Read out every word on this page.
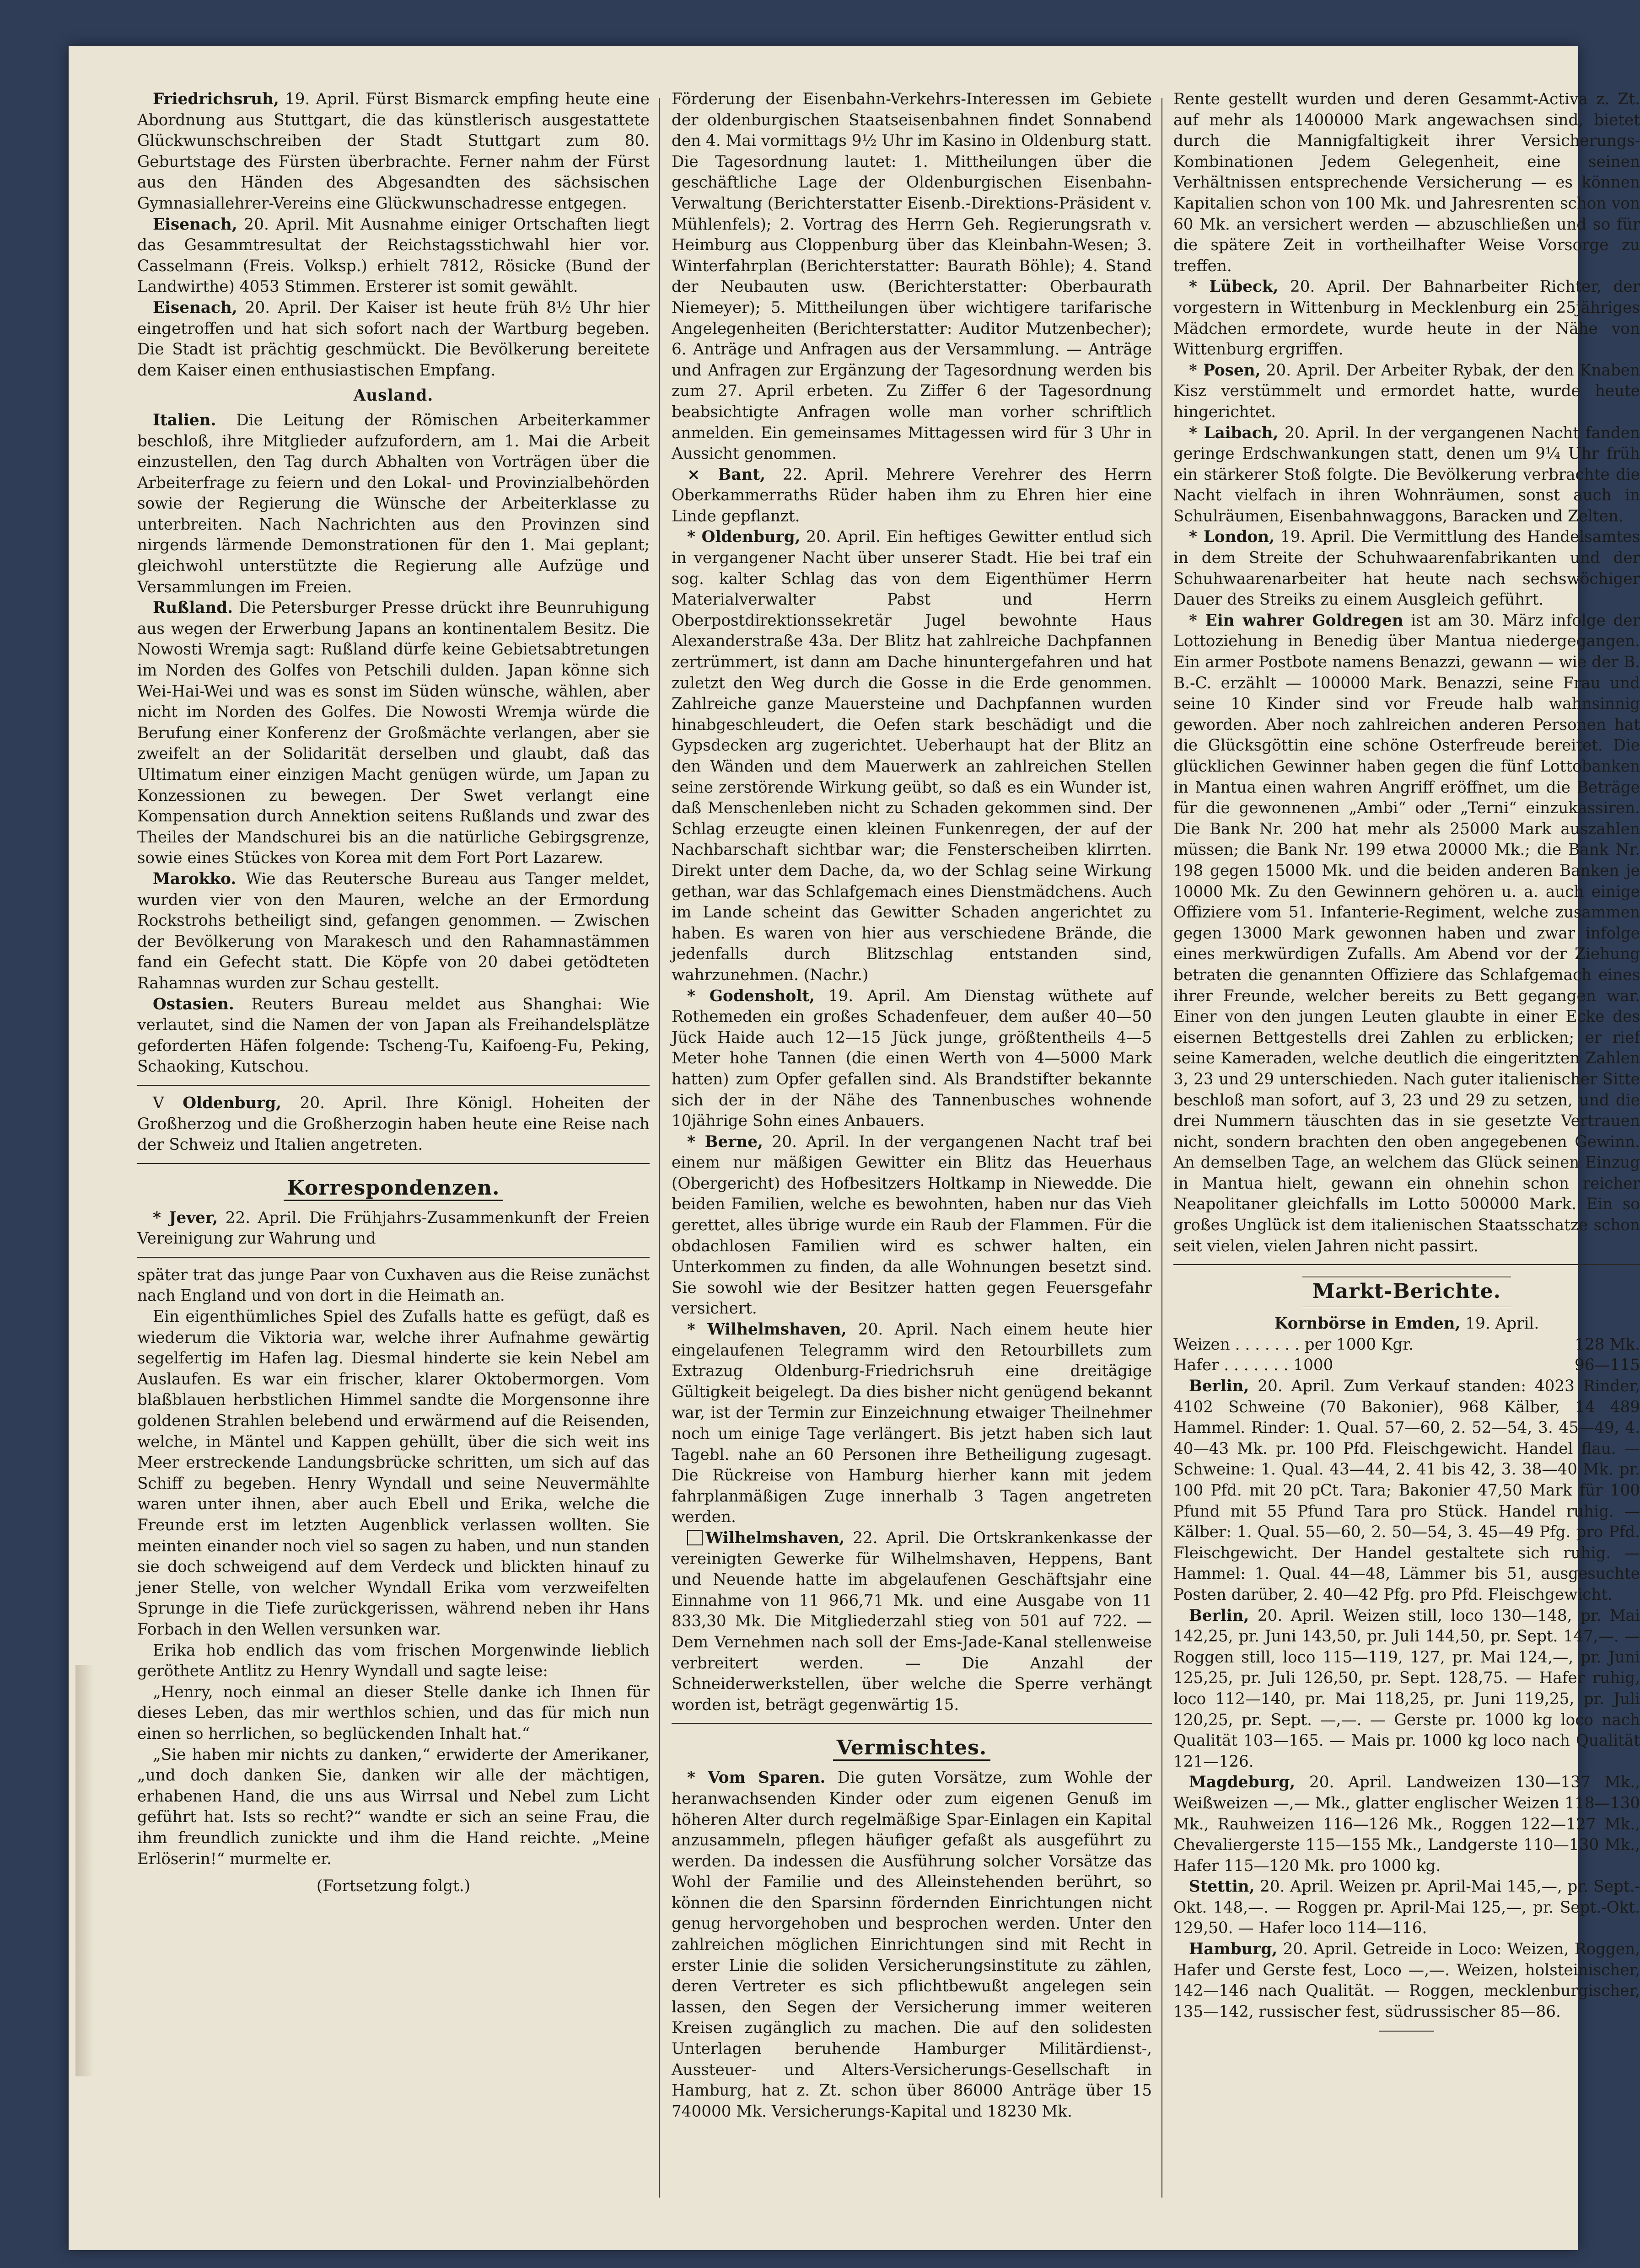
Friedrichsruh, 19. April. Fürst Bismarck empfing heute eine Abordnung aus Stuttgart, die das künstlerisch ausgestattete Glückwunschschreiben der Stadt Stuttgart zum 80. Geburtstage des Fürsten überbrachte. Ferner nahm der Fürst aus den Händen des Abgesandten des sächsischen Gymnasiallehrer-Vereins eine Glückwunschadresse entgegen.

Eisenach, 20. April. Mit Ausnahme einiger Ortschaften liegt das Gesammtresultat der Reichstagsstichwahl hier vor. Casselmann (Freis. Volksp.) erhielt 7812, Rösicke (Bund der Landwirthe) 4053 Stimmen. Ersterer ist somit gewählt.

Eisenach, 20. April. Der Kaiser ist heute früh 8½ Uhr hier eingetroffen und hat sich sofort nach der Wartburg begeben. Die Stadt ist prächtig geschmückt. Die Bevölkerung bereitete dem Kaiser einen enthusiastischen Empfang.

Ausland.

Italien. Die Leitung der Römischen Arbeiterkammer beschloß, ihre Mitglieder aufzufordern, am 1. Mai die Arbeit einzustellen, den Tag durch Abhalten von Vorträgen über die Arbeiterfrage zu feiern und den Lokal- und Provinzialbehörden sowie der Regierung die Wünsche der Arbeiterklasse zu unterbreiten. Nach Nachrichten aus den Provinzen sind nirgends lärmende Demonstrationen für den 1. Mai geplant; gleichwohl unterstützte die Regierung alle Aufzüge und Versammlungen im Freien.

Rußland. Die Petersburger Presse drückt ihre Beunruhigung aus wegen der Erwerbung Japans an kontinentalem Besitz. Die Nowosti Wremja sagt: Rußland dürfe keine Gebietsabtretungen im Norden des Golfes von Petschili dulden. Japan könne sich Wei-Hai-Wei und was es sonst im Süden wünsche, wählen, aber nicht im Norden des Golfes. Die Nowosti Wremja würde die Berufung einer Konferenz der Großmächte verlangen, aber sie zweifelt an der Solidarität derselben und glaubt, daß das Ultimatum einer einzigen Macht genügen würde, um Japan zu Konzessionen zu bewegen. Der Swet verlangt eine Kompensation durch Annektion seitens Rußlands und zwar des Theiles der Mandschurei bis an die natürliche Gebirgsgrenze, sowie eines Stückes von Korea mit dem Fort Port Lazarew.

Marokko. Wie das Reutersche Bureau aus Tanger meldet, wurden vier von den Mauren, welche an der Ermordung Rockstrohs betheiligt sind, gefangen genommen. — Zwischen der Bevölkerung von Marakesch und den Rahamnastämmen fand ein Gefecht statt. Die Köpfe von 20 dabei getödteten Rahamnas wurden zur Schau gestellt.

Ostasien. Reuters Bureau meldet aus Shanghai: Wie verlautet, sind die Namen der von Japan als Freihandelsplätze geforderten Häfen folgende: Tscheng-Tu, Kaifoeng-Fu, Peking, Schaoking, Kutschou.

V Oldenburg, 20. April. Ihre Königl. Hoheiten der Großherzog und die Großherzogin haben heute eine Reise nach der Schweiz und Italien angetreten.

Korrespondenzen.

* Jever, 22. April. Die Frühjahrs-Zusammenkunft der Freien Vereinigung zur Wahrung und

später trat das junge Paar von Cuxhaven aus die Reise zunächst nach England und von dort in die Heimath an.

Ein eigenthümliches Spiel des Zufalls hatte es gefügt, daß es wiederum die Viktoria war, welche ihrer Aufnahme gewärtig segelfertig im Hafen lag. Diesmal hinderte sie kein Nebel am Auslaufen. Es war ein frischer, klarer Oktobermorgen. Vom blaßblauen herbstlichen Himmel sandte die Morgensonne ihre goldenen Strahlen belebend und erwärmend auf die Reisenden, welche, in Mäntel und Kappen gehüllt, über die sich weit ins Meer erstreckende Landungsbrücke schritten, um sich auf das Schiff zu begeben. Henry Wyndall und seine Neuvermählte waren unter ihnen, aber auch Ebell und Erika, welche die Freunde erst im letzten Augenblick verlassen wollten. Sie meinten einander noch viel so sagen zu haben, und nun standen sie doch schweigend auf dem Verdeck und blickten hinauf zu jener Stelle, von welcher Wyndall Erika vom verzweifelten Sprunge in die Tiefe zurückgerissen, während neben ihr Hans Forbach in den Wellen versunken war.

Erika hob endlich das vom frischen Morgenwinde lieblich geröthete Antlitz zu Henry Wyndall und sagte leise:

„Henry, noch einmal an dieser Stelle danke ich Ihnen für dieses Leben, das mir werthlos schien, und das für mich nun einen so herrlichen, so beglückenden Inhalt hat.“

„Sie haben mir nichts zu danken,“ erwiderte der Amerikaner, „und doch danken Sie, danken wir alle der mächtigen, erhabenen Hand, die uns aus Wirrsal und Nebel zum Licht geführt hat. Ists so recht?“ wandte er sich an seine Frau, die ihm freundlich zunickte und ihm die Hand reichte. „Meine Erlöserin!“ murmelte er.

(Fortsetzung folgt.)

Förderung der Eisenbahn-Verkehrs-Interessen im Gebiete der oldenburgischen Staatseisenbahnen findet Sonnabend den 4. Mai vormittags 9½ Uhr im Kasino in Oldenburg statt. Die Tagesordnung lautet: 1. Mittheilungen über die geschäftliche Lage der Oldenburgischen Eisenbahn-Verwaltung (Berichterstatter Eisenb.-Direktions-Präsident v. Mühlenfels); 2. Vortrag des Herrn Geh. Regierungsrath v. Heimburg aus Cloppenburg über das Kleinbahn-Wesen; 3. Winterfahrplan (Berichterstatter: Baurath Böhle); 4. Stand der Neubauten usw. (Berichterstatter: Oberbaurath Niemeyer); 5. Mittheilungen über wichtigere tarifarische Angelegenheiten (Berichterstatter: Auditor Mutzenbecher); 6. Anträge und Anfragen aus der Versammlung. — Anträge und Anfragen zur Ergänzung der Tagesordnung werden bis zum 27. April erbeten. Zu Ziffer 6 der Tagesordnung beabsichtigte Anfragen wolle man vorher schriftlich anmelden. Ein gemeinsames Mittagessen wird für 3 Uhr in Aussicht genommen.

× Bant, 22. April. Mehrere Verehrer des Herrn Oberkammerraths Rüder haben ihm zu Ehren hier eine Linde gepflanzt.

* Oldenburg, 20. April. Ein heftiges Gewitter entlud sich in vergangener Nacht über unserer Stadt. Hie bei traf ein sog. kalter Schlag das von dem Eigenthümer Herrn Materialverwalter Pabst und Herrn Oberpostdirektionssekretär Jugel bewohnte Haus Alexanderstraße 43a. Der Blitz hat zahlreiche Dachpfannen zertrümmert, ist dann am Dache hinuntergefahren und hat zuletzt den Weg durch die Gosse in die Erde genommen. Zahlreiche ganze Mauersteine und Dachpfannen wurden hinabgeschleudert, die Oefen stark beschädigt und die Gypsdecken arg zugerichtet. Ueberhaupt hat der Blitz an den Wänden und dem Mauerwerk an zahlreichen Stellen seine zerstörende Wirkung geübt, so daß es ein Wunder ist, daß Menschenleben nicht zu Schaden gekommen sind. Der Schlag erzeugte einen kleinen Funkenregen, der auf der Nachbarschaft sichtbar war; die Fensterscheiben klirrten. Direkt unter dem Dache, da, wo der Schlag seine Wirkung gethan, war das Schlafgemach eines Dienstmädchens. Auch im Lande scheint das Gewitter Schaden angerichtet zu haben. Es waren von hier aus verschiedene Brände, die jedenfalls durch Blitzschlag entstanden sind, wahrzunehmen. (Nachr.)

* Godensholt, 19. April. Am Dienstag wüthete auf Rothemeden ein großes Schadenfeuer, dem außer 40—50 Jück Haide auch 12—15 Jück junge, größtentheils 4—5 Meter hohe Tannen (die einen Werth von 4—5000 Mark hatten) zum Opfer gefallen sind. Als Brandstifter bekannte sich der in der Nähe des Tannenbusches wohnende 10jährige Sohn eines Anbauers.

* Berne, 20. April. In der vergangenen Nacht traf bei einem nur mäßigen Gewitter ein Blitz das Heuerhaus (Obergericht) des Hofbesitzers Holtkamp in Niewedde. Die beiden Familien, welche es bewohnten, haben nur das Vieh gerettet, alles übrige wurde ein Raub der Flammen. Für die obdachlosen Familien wird es schwer halten, ein Unterkommen zu finden, da alle Wohnungen besetzt sind. Sie sowohl wie der Besitzer hatten gegen Feuersgefahr versichert.

* Wilhelmshaven, 20. April. Nach einem heute hier eingelaufenen Telegramm wird den Retourbillets zum Extrazug Oldenburg-Friedrichsruh eine dreitägige Gültigkeit beigelegt. Da dies bisher nicht genügend bekannt war, ist der Termin zur Einzeichnung etwaiger Theilnehmer noch um einige Tage verlängert. Bis jetzt haben sich laut Tagebl. nahe an 60 Personen ihre Betheiligung zugesagt. Die Rückreise von Hamburg hierher kann mit jedem fahrplanmäßigen Zuge innerhalb 3 Tagen angetreten werden.

Wilhelmshaven, 22. April. Die Ortskrankenkasse der vereinigten Gewerke für Wilhelmshaven, Heppens, Bant und Neuende hatte im abgelaufenen Geschäftsjahr eine Einnahme von 11 966,71 Mk. und eine Ausgabe von 11 833,30 Mk. Die Mitgliederzahl stieg von 501 auf 722. — Dem Vernehmen nach soll der Ems-Jade-Kanal stellenweise verbreitert werden. — Die Anzahl der Schneiderwerkstellen, über welche die Sperre verhängt worden ist, beträgt gegenwärtig 15.

Vermischtes.

* Vom Sparen. Die guten Vorsätze, zum Wohle der heranwachsenden Kinder oder zum eigenen Genuß im höheren Alter durch regelmäßige Spar-Einlagen ein Kapital anzusammeln, pflegen häufiger gefaßt als ausgeführt zu werden. Da indessen die Ausführung solcher Vorsätze das Wohl der Familie und des Alleinstehenden berührt, so können die den Sparsinn fördernden Einrichtungen nicht genug hervorgehoben und besprochen werden. Unter den zahlreichen möglichen Einrichtungen sind mit Recht in erster Linie die soliden Versicherungsinstitute zu zählen, deren Vertreter es sich pflichtbewußt angelegen sein lassen, den Segen der Versicherung immer weiteren Kreisen zugänglich zu machen. Die auf den solidesten Unterlagen beruhende Hamburger Militärdienst-, Aussteuer- und Alters-Versicherungs-Gesellschaft in Hamburg, hat z. Zt. schon über 86000 Anträge über 15 740000 Mk. Versicherungs-Kapital und 18230 Mk.

Rente gestellt wurden und deren Gesammt-Activa z. Zt. auf mehr als 1400000 Mark angewachsen sind, bietet durch die Mannigfaltigkeit ihrer Versicherungs-Kombinationen Jedem Gelegenheit, eine seinen Verhältnissen entsprechende Versicherung — es können Kapitalien schon von 100 Mk. und Jahresrenten schon von 60 Mk. an versichert werden — abzuschließen und so für die spätere Zeit in vortheilhafter Weise Vorsorge zu treffen.

* Lübeck, 20. April. Der Bahnarbeiter Richter, der vorgestern in Wittenburg in Mecklenburg ein 25jähriges Mädchen ermordete, wurde heute in der Nähe von Wittenburg ergriffen.

* Posen, 20. April. Der Arbeiter Rybak, der den Knaben Kisz verstümmelt und ermordet hatte, wurde heute hingerichtet.

* Laibach, 20. April. In der vergangenen Nacht fanden geringe Erdschwankungen statt, denen um 9¼ Uhr früh ein stärkerer Stoß folgte. Die Bevölkerung verbrachte die Nacht vielfach in ihren Wohnräumen, sonst auch in Schulräumen, Eisenbahnwaggons, Baracken und Zelten.

* London, 19. April. Die Vermittlung des Handelsamtes in dem Streite der Schuhwaarenfabrikanten und der Schuhwaarenarbeiter hat heute nach sechswöchiger Dauer des Streiks zu einem Ausgleich geführt.

* Ein wahrer Goldregen ist am 30. März infolge der Lottoziehung in Benedig über Mantua niedergegangen. Ein armer Postbote namens Benazzi, gewann — wie der B. B.-C. erzählt — 100000 Mark. Benazzi, seine Frau und seine 10 Kinder sind vor Freude halb wahnsinnig geworden. Aber noch zahlreichen anderen Personen hat die Glücksgöttin eine schöne Osterfreude bereitet. Die glücklichen Gewinner haben gegen die fünf Lottobanken in Mantua einen wahren Angriff eröffnet, um die Beträge für die gewonnenen „Ambi“ oder „Terni“ einzukassiren. Die Bank Nr. 200 hat mehr als 25000 Mark auszahlen müssen; die Bank Nr. 199 etwa 20000 Mk.; die Bank Nr. 198 gegen 15000 Mk. und die beiden anderen Banken je 10000 Mk. Zu den Gewinnern gehören u. a. auch einige Offiziere vom 51. Infanterie-Regiment, welche zusammen gegen 13000 Mark gewonnen haben und zwar infolge eines merkwürdigen Zufalls. Am Abend vor der Ziehung betraten die genannten Offiziere das Schlafgemach eines ihrer Freunde, welcher bereits zu Bett gegangen war. Einer von den jungen Leuten glaubte in einer Ecke des eisernen Bettgestells drei Zahlen zu erblicken; er rief seine Kameraden, welche deutlich die eingeritzten Zahlen 3, 23 und 29 unterschieden. Nach guter italienischer Sitte beschloß man sofort, auf 3, 23 und 29 zu setzen, und die drei Nummern täuschten das in sie gesetzte Vertrauen nicht, sondern brachten den oben angegebenen Gewinn. An demselben Tage, an welchem das Glück seinen Einzug in Mantua hielt, gewann ein ohnehin schon reicher Neapolitaner gleichfalls im Lotto 500000 Mark. Ein so großes Unglück ist dem italienischen Staatsschatze schon seit vielen, vielen Jahren nicht passirt.

Markt-Berichte.

Kornbörse in Emden, 19. April.

Weizen . . . . . . . per 1000 Kgr.	128 Mk.

Hafer . . . . . . . 1000	96—115

Berlin, 20. April. Zum Verkauf standen: 4023 Rinder, 4102 Schweine (70 Bakonier), 968 Kälber, 14 489 Hammel. Rinder: 1. Qual. 57—60, 2. 52—54, 3. 45—49, 4. 40—43 Mk. pr. 100 Pfd. Fleischgewicht. Handel flau. — Schweine: 1. Qual. 43—44, 2. 41 bis 42, 3. 38—40 Mk. pr. 100 Pfd. mit 20 pCt. Tara; Bakonier 47,50 Mark für 100 Pfund mit 55 Pfund Tara pro Stück. Handel ruhig. — Kälber: 1. Qual. 55—60, 2. 50—54, 3. 45—49 Pfg. pro Pfd. Fleischgewicht. Der Handel gestaltete sich ruhig. — Hammel: 1. Qual. 44—48, Lämmer bis 51, ausgesuchte Posten darüber, 2. 40—42 Pfg. pro Pfd. Fleischgewicht.

Berlin, 20. April. Weizen still, loco 130—148, pr. Mai 142,25, pr. Juni 143,50, pr. Juli 144,50, pr. Sept. 147,—. — Roggen still, loco 115—119, 127, pr. Mai 124,—, pr. Juni 125,25, pr. Juli 126,50, pr. Sept. 128,75. — Hafer ruhig, loco 112—140, pr. Mai 118,25, pr. Juni 119,25, pr. Juli 120,25, pr. Sept. —,—. — Gerste pr. 1000 kg loco nach Qualität 103—165. — Mais pr. 1000 kg loco nach Qualität 121—126.

Magdeburg, 20. April. Landweizen 130—137 Mk., Weißweizen —,— Mk., glatter englischer Weizen 118—130 Mk., Rauhweizen 116—126 Mk., Roggen 122—127 Mk., Chevaliergerste 115—155 Mk., Landgerste 110—130 Mk., Hafer 115—120 Mk. pro 1000 kg.

Stettin, 20. April. Weizen pr. April-Mai 145,—, pr. Sept.-Okt. 148,—. — Roggen pr. April-Mai 125,—, pr. Sept.-Okt. 129,50. — Hafer loco 114—116.

Hamburg, 20. April. Getreide in Loco: Weizen, Roggen, Hafer und Gerste fest, Loco —,—. Weizen, holsteinischer, 142—146 nach Qualität. — Roggen, mecklenburgischer, 135—142, russischer fest, südrussischer 85—86.
